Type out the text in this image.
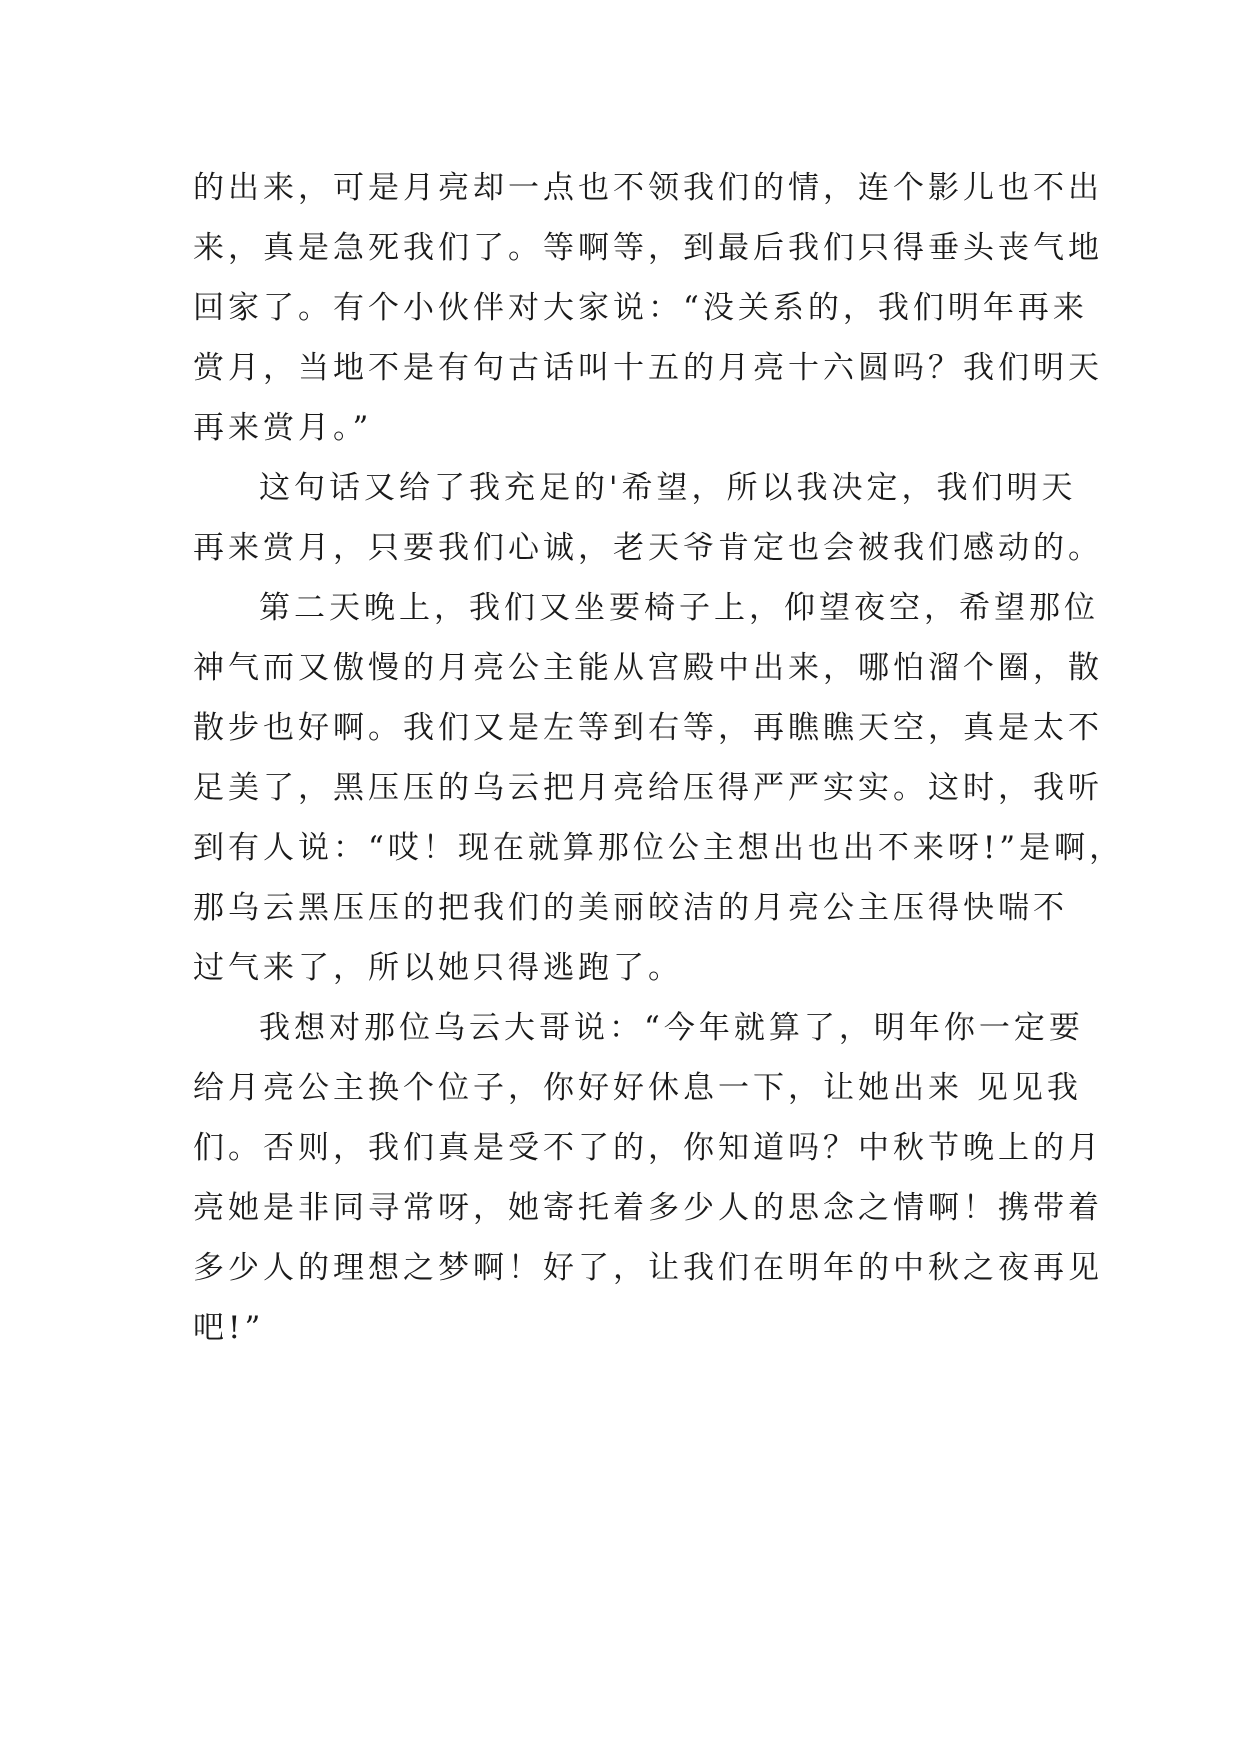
的出来，可是月亮却一点也不领我们的情，连个影儿也不出
来，真是急死我们了。等啊等，到最后我们只得垂头丧气地
回家了。有个小伙伴对大家说：“没关系的，我们明年再来
赏月，当地不是有句古话叫十五的月亮十六圆吗？我们明天
再来赏月。”

这句话又给了我充足的'希望，所以我决定，我们明天
再来赏月，只要我们心诚，老天爷肯定也会被我们感动的。

第二天晚上，我们又坐要椅子上，仰望夜空，希望那位
神气而又傲慢的月亮公主能从宫殿中出来，哪怕溜个圈，散
散步也好啊。我们又是左等到右等，再瞧瞧天空，真是太不
足美了，黑压压的乌云把月亮给压得严严实实。这时，我听
到有人说：“哎！现在就算那位公主想出也出不来呀!”是啊，
那乌云黑压压的把我们的美丽皎洁的月亮公主压得快喘不
过气来了，所以她只得逃跑了。

我想对那位乌云大哥说：“今年就算了，明年你一定要
给月亮公主换个位子，你好好休息一下，让她出来 见见我
们。否则，我们真是受不了的，你知道吗？中秋节晚上的月
亮她是非同寻常呀，她寄托着多少人的思念之情啊！携带着
多少人的理想之梦啊！好了，让我们在明年的中秋之夜再见
吧!”
